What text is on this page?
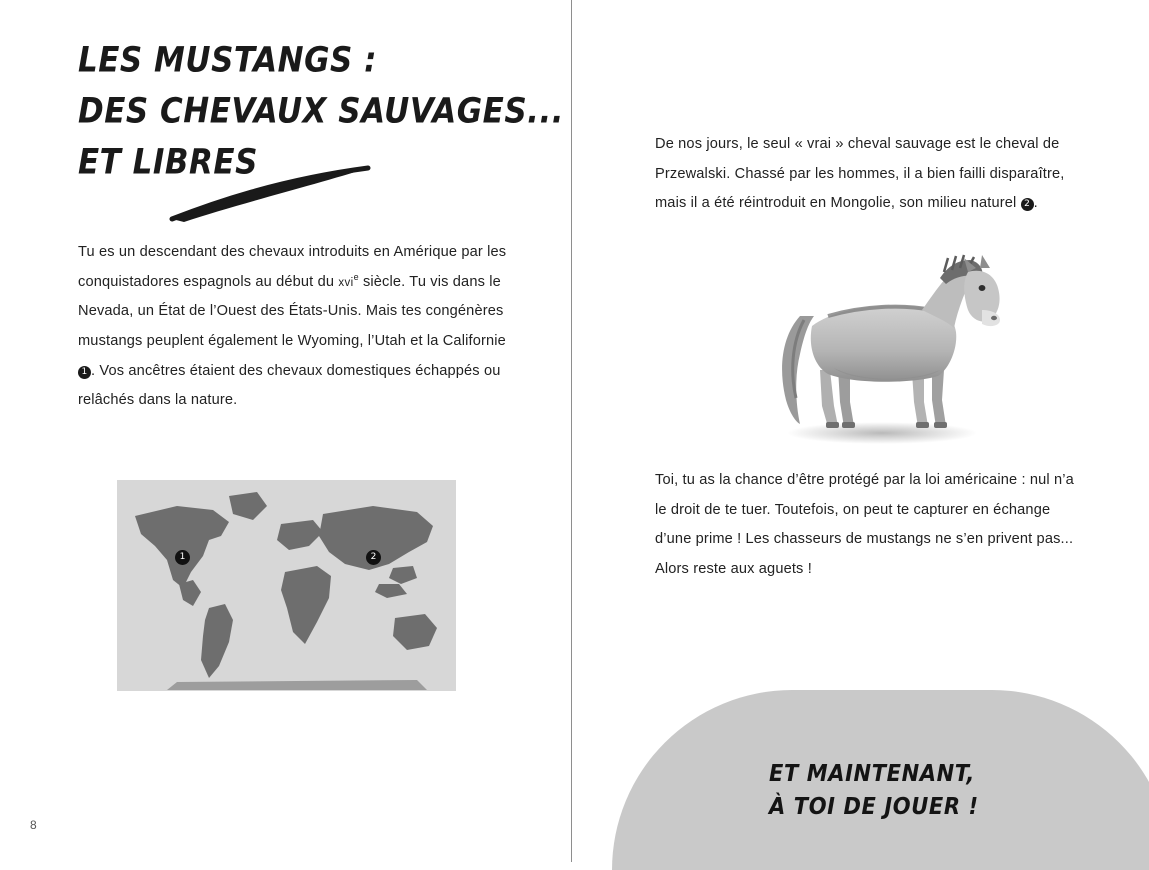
LES MUSTANGS :
DES CHEVAUX SAUVAGES...
ET LIBRES
Tu es un descendant des chevaux introduits en Amérique par les conquistadores espagnols au début du xvi$^e$ siècle. Tu vis dans le Nevada, un État de l’Ouest des États-Unis. Mais tes congénères mustangs peuplent également le Wyoming, l’Utah et la Californie 1 . Vos ancêtres étaient des chevaux domestiques échappés ou relâchés dans la nature.
1	2
8
De nos jours, le seul « vrai » cheval sauvage est le cheval de Przewalski. Chassé par les hommes, il a bien failli disparaître, mais il a été réintroduit en Mongolie, son milieu naturel 2 .
Toi, tu as la chance d’être protégé par la loi américaine : nul n’a le droit de te tuer. Toutefois, on peut te capturer en échange d’une prime ! Les chasseurs de mustangs ne s’en privent pas... Alors reste aux aguets !
ET MAINTENANT,
À TOI DE JOUER !
